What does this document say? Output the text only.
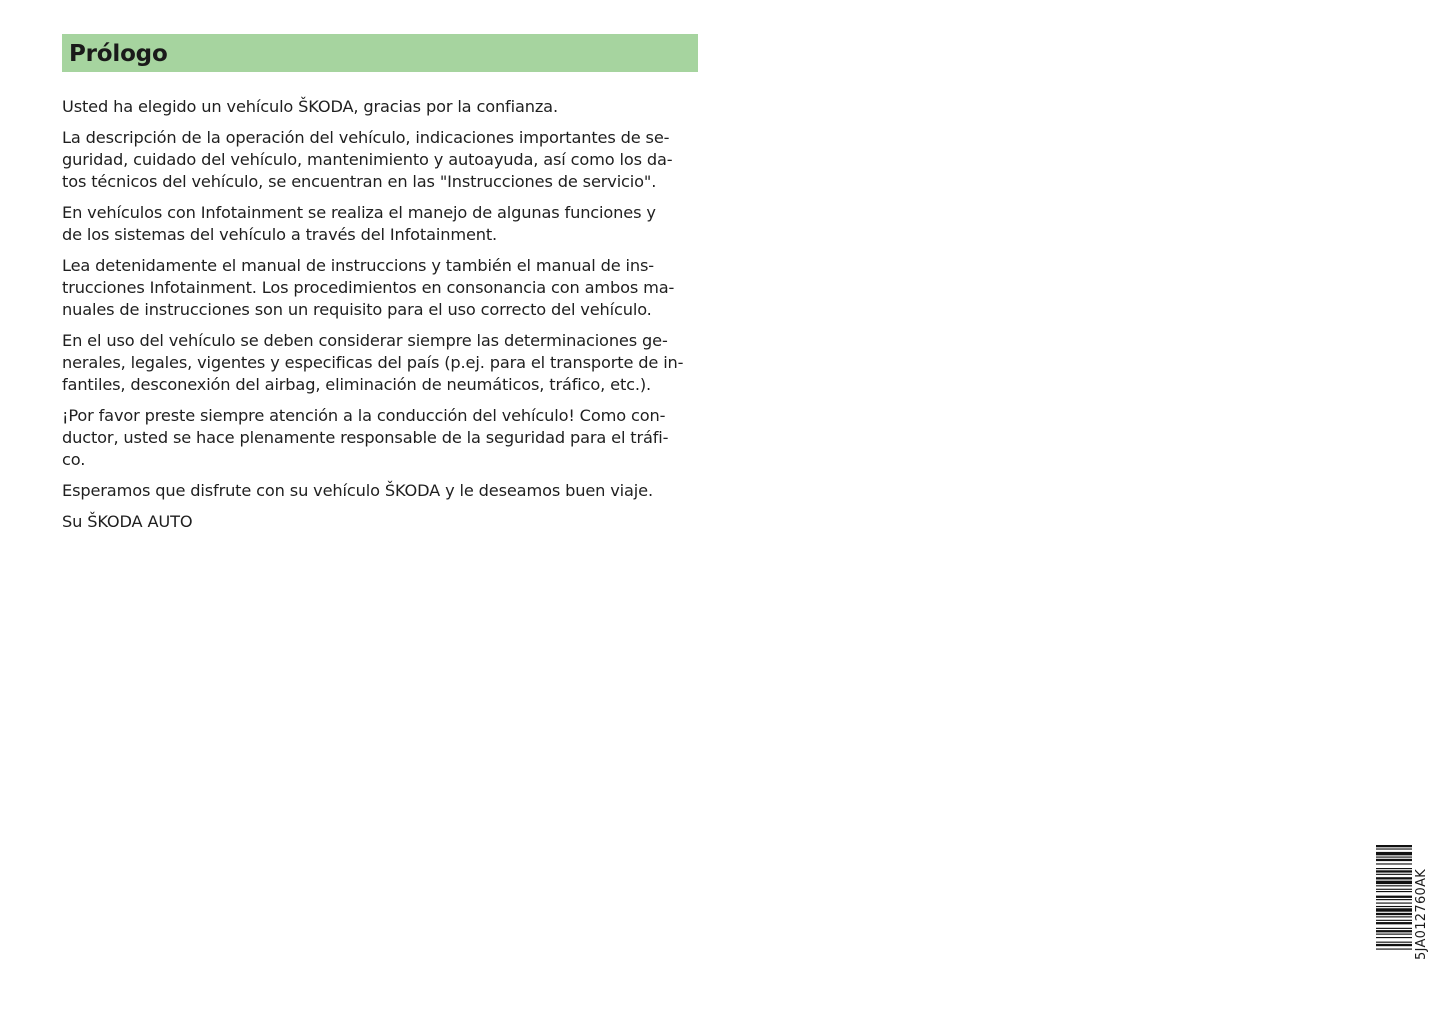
Prólogo

Usted ha elegido un vehículo ŠKODA, gracias por la confianza.

La descripción de la operación del vehículo, indicaciones importantes de se-
guridad, cuidado del vehículo, mantenimiento y autoayuda, así como los da-
tos técnicos del vehículo, se encuentran en las "Instrucciones de servicio".

En vehículos con Infotainment se realiza el manejo de algunas funciones y
de los sistemas del vehículo a través del Infotainment.

Lea detenidamente el manual de instruccions y también el manual de ins-
trucciones Infotainment. Los procedimientos en consonancia con ambos ma-
nuales de instrucciones son un requisito para el uso correcto del vehículo.

En el uso del vehículo se deben considerar siempre las determinaciones ge-
nerales, legales, vigentes y especificas del país (p.ej. para el transporte de in-
fantiles, desconexión del airbag, eliminación de neumáticos, tráfico, etc.).

¡Por favor preste siempre atención a la conducción del vehículo! Como con-
ductor, usted se hace plenamente responsable de la seguridad para el tráfi-
co.

Esperamos que disfrute con su vehículo ŠKODA y le deseamos buen viaje.

Su ŠKODA AUTO

5JA012760AK
